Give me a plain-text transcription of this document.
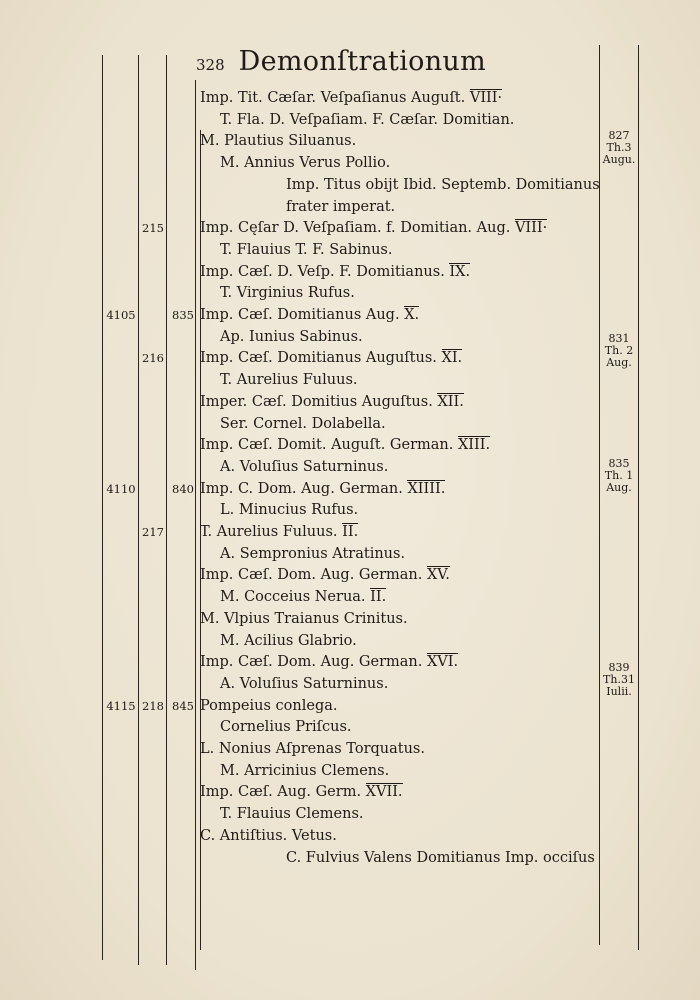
328 Demonſtrationum
Imp. Tit. Cæſar. Veſpaſianus Auguſt. VIII·
T. Fla. D. Veſpaſiam. F. Cæſar. Domitian.
M. Plautius Siluanus.
M. Annius Verus Pollio.
Imp. Titus obijt Ibid. Septemb. Domitianus
frater imperat.
215 Imp. Cęſar D. Veſpaſiam. f. Domitian. Aug. VIII·
T. Flauius T. F. Sabinus.
Imp. Cæſ. D. Veſp. F. Domitianus. IX.
T. Virginius Rufus.
4105	835 Imp. Cæſ. Domitianus Aug. X.
Ap. Iunius Sabinus.
216 Imp. Cæſ. Domitianus Auguſtus. XI.
T. Aurelius Fuluus.
Imper. Cæſ. Domitius Auguſtus. XII.
Ser. Cornel. Dolabella.
Imp. Cæſ. Domit. Auguſt. German. XIII.
A. Voluſius Saturninus.
4110	840 Imp. C. Dom. Aug. German. XIIII.
L. Minucius Rufus.
217 T. Aurelius Fuluus. II.
A. Sempronius Atratinus.
Imp. Cæſ. Dom. Aug. German. XV.
M. Cocceius Nerua. II.
M. Vlpius Traianus Crinitus.
M. Acilius Glabrio.
Imp. Cæſ. Dom. Aug. German. XVI.
A. Voluſius Saturninus.
4115 218 845 Pompeius conlega.
Cornelius Priſcus.
L. Nonius Aſprenas Torquatus.
M. Arricinius Clemens.
Imp. Cæſ. Aug. Germ. XVII.
T. Flauius Clemens.
C. Antiſtius. Vetus.
C. Fulvius Valens Domitianus Imp. occiſus
827
Th.3
Augu.
831
Th. 2
Aug.
835
Th. 1
Aug.
839
Th.31
Iulii.
